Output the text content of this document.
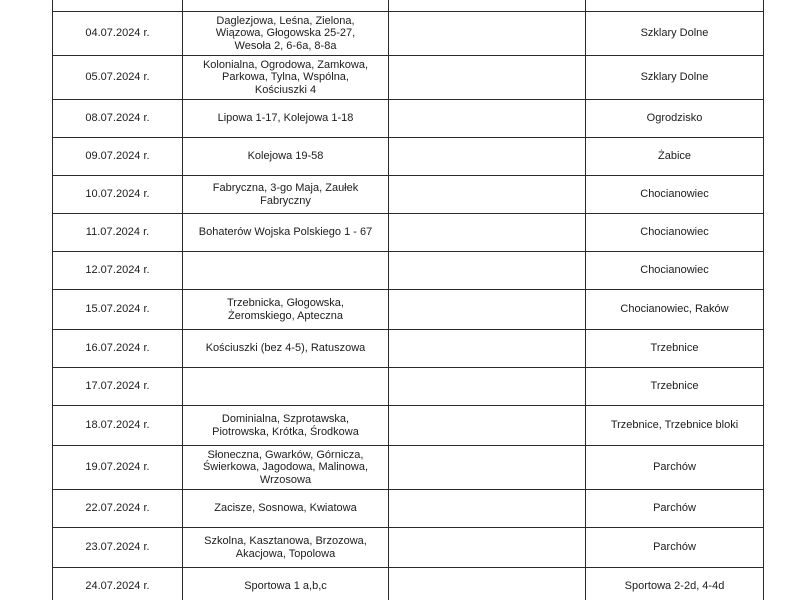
04.07.2024 r.	Daglezjowa, Leśna, Zielona, Wiązowa, Głogowska 25-27, Wesoła 2, 6-6a, 8-8a		Szklary Dolne
05.07.2024 r.	Kolonialna, Ogrodowa, Zamkowa, Parkowa, Tylna, Wspólna, Kościuszki 4		Szklary Dolne
08.07.2024 r.	Lipowa 1-17, Kolejowa 1-18		Ogrodzisko
09.07.2024 r.	Kolejowa 19-58		Żabice
10.07.2024 r.	Fabryczna, 3-go Maja, Zaułek Fabryczny		Chocianowiec
11.07.2024 r.	Bohaterów Wojska Polskiego 1 - 67		Chocianowiec
12.07.2024 r.			Chocianowiec
15.07.2024 r.	Trzebnicka, Głogowska, Żeromskiego, Apteczna		Chocianowiec, Raków
16.07.2024 r.	Kościuszki (bez 4-5), Ratuszowa		Trzebnice
17.07.2024 r.			Trzebnice
18.07.2024 r.	Dominialna, Szprotawska, Piotrowska, Krótka, Środkowa		Trzebnice, Trzebnice bloki
19.07.2024 r.	Słoneczna, Gwarków, Górnicza, Świerkowa, Jagodowa, Malinowa, Wrzosowa		Parchów
22.07.2024 r.	Zacisze, Sosnowa, Kwiatowa		Parchów
23.07.2024 r.	Szkolna, Kasztanowa, Brzozowa, Akacjowa, Topolowa		Parchów
24.07.2024 r.	Sportowa 1 a,b,c		Sportowa 2-2d, 4-4d
